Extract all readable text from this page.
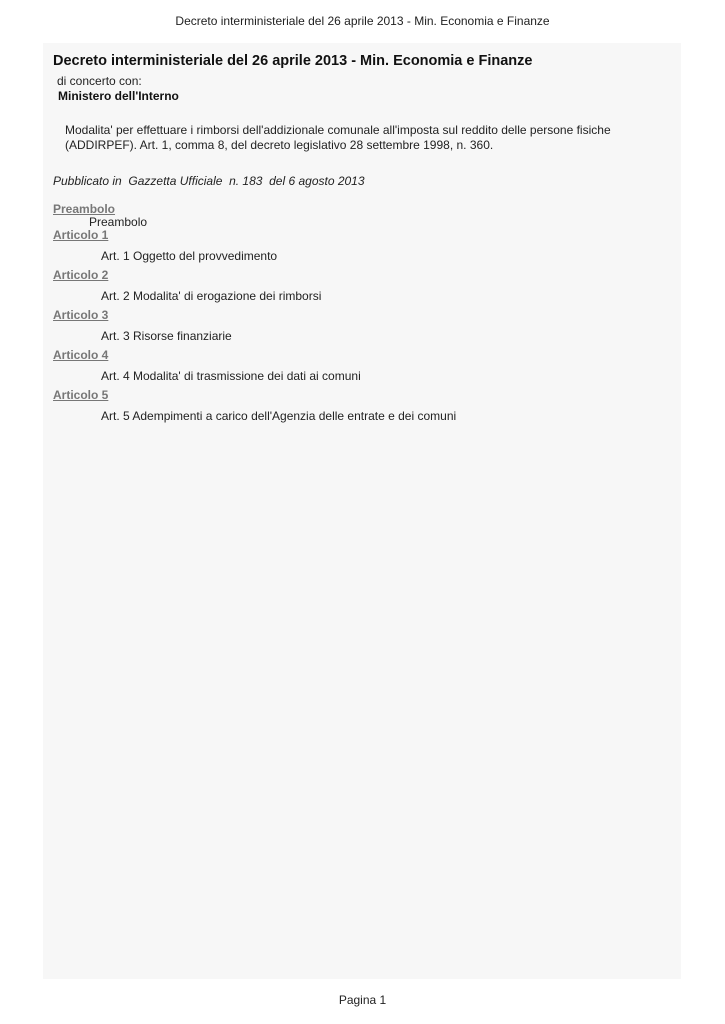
Decreto interministeriale del 26 aprile 2013 - Min. Economia e Finanze
Decreto interministeriale del 26 aprile 2013 - Min. Economia e Finanze
di concerto con:
Ministero dell'Interno
Modalita' per effettuare i rimborsi dell'addizionale comunale all'imposta sul reddito delle persone fisiche
(ADDIRPEF). Art. 1, comma 8, del decreto legislativo 28 settembre 1998, n. 360.
Pubblicato in  Gazzetta Ufficiale  n. 183  del 6 agosto 2013
Preambolo
Preambolo
Articolo 1
Art. 1 Oggetto del provvedimento
Articolo 2
Art. 2 Modalita' di erogazione dei rimborsi
Articolo 3
Art. 3 Risorse finanziarie
Articolo 4
Art. 4 Modalita' di trasmissione dei dati ai comuni
Articolo 5
Art. 5 Adempimenti a carico dell'Agenzia delle entrate e dei comuni
Pagina 1
